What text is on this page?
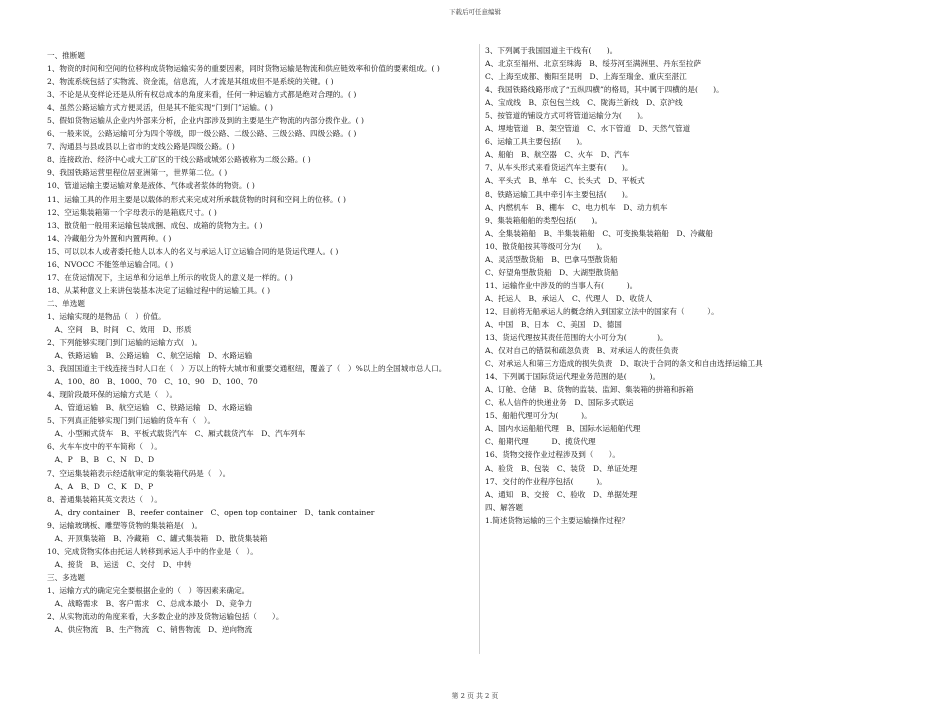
下载后可任意编辑
一、推断题
1、物资的时间和空间的位移构成货物运输实务的重要因素，同时货物运输是物流和供应链效率和价值的要素组成。( )
2、物流系统包括了实物流、资金流，信息流，人才流是其组成但不是系统的关键。( )
3、不论是从变样论还是从所有权总成本的角度来看，任何一种运输方式都是绝对合理的。( )
4、虽然公路运输方式方便灵活，但是其不能实现“门到门”运输。( )
5、假如货物运输从企业内外部来分析，企业内部涉及到的主要是生产物流的内部分拨作业。( )
6、一般来说，公路运输可分为四个等级，即一级公路、二级公路、三级公路、四级公路。( )
7、沟通县与县或县以上省市的支线公路是四级公路。( )
8、连接政治、经济中心或大工矿区的干线公路或城郊公路被称为二级公路。( )
9、我国铁路运营里程位居亚洲第一，世界第二位。( )
10、管道运输主要运输对象是液体、气体或者浆体的物资。( )
11、运输工具的作用主要是以载体的形式来完成对所承载货物的时间和空间上的位移。( )
12、空运集装箱第一个字母表示的是箱底尺寸。( )
13、散货船一般用来运输包装成捆、成包、成箱的货物为主。( )
14、冷藏船分为外置和内置两种。( )
15、可以以本人或者委托他人以本人的名义与承运人订立运输合同的是货运代理人。( )
16、NVOCC 不能签单运输合同。( )
17、在货运情况下，主运单和分运单上所示的收货人的意义是一样的。( )
18、从某种意义上来讲包装基本决定了运输过程中的运输工具。( )
二、单选题
1、运输实现的是物品（　）价值。
　A、空间　B、时间　C、效用　D、形质
2、下列能够实现门到门运输的运输方式(　)。
　A、铁路运输　B、公路运输　C、航空运输　D、水路运输
3、我国国道主干线连接当时人口在（　）万以上的特大城市和重要交通枢纽，覆盖了（　）%以上的全国城市总人口。
　A、100、80　B、1000、70　C、10、90　D、100、70
4、现阶段最环保的运输方式是（　）。
　A、管道运输　B、航空运输　C、铁路运输　D、水路运输
5、下列真正能够实现门到门运输的货车有（　）。
　A、小型厢式货车　B、平板式载货汽车　C、厢式载货汽车　D、汽车列车
6、火车车皮中的平车简称（　）。
　A、P　B、B　C、N　D、D
7、空运集装箱表示经适航审定的集装箱代码是（　）。
　A、A　B、D　C、K　D、P
8、普通集装箱其英文表达（　）。
　A、dry container　B、reefer container　C、open top container　D、tank container
9、运输玻璃板、雕塑等货物的集装箱是(　)。
　A、开顶集装箱　B、冷藏箱　C、罐式集装箱　D、散货集装箱
10、完成货物实体由托运人转移到承运人手中的作业是（　）。
　A、接货　B、运送　C、交付　D、中转
三、多选题
1、运输方式的确定完全要根据企业的（　）等因素来确定。
　A、战略需求　B、客户需求　C、总成本最小　D、竞争力
2、从实物流动的角度来看，大多数企业的涉及货物运输包括（　　）。
　A、供应物流　B、生产物流　C、销售物流　D、逆向物流
3、下列属于我国国道主干线有(　　)。
A、北京至福州、北京至珠海　B、绥芬河至满洲里、丹东至拉萨
C、上海至成都、衡阳至昆明　D、上海至瑞金、重庆至湛江
4、我国铁路线路形成了“五纵四横”的格局，其中属于四横的是(　　)。
A、宝成线　B、京包包兰线　C、陇海兰新线　D、京沪线
5、按管道的铺设方式可将管道运输分为(　　)。
A、埋地管道　B、架空管道　C、水下管道　D、天然气管道
6、运输工具主要包括(　　)。
A、船舶　B、航空器　C、火车　D、汽车
7、从车头形式来看货运汽车主要有(　　)。
A、平头式　B、单车　C、长头式　D、平板式
8、铁路运输工具中牵引车主要包括(　　)。
A、内燃机车　B、棚车　C、电力机车　D、动力机车
9、集装箱船舶的类型包括(　　)。
A、全集装箱船　B、半集装箱船　C、可变换集装箱船　D、冷藏船
10、散货船按其等级可分为(　　)。
A、灵活型散货船　B、巴拿马型散货船
C、好望角型散货船　D、大湖型散货船
11、运输作业中涉及的的当事人有(　　　)。
A、托运人　B、承运人　C、代理人　D、收货人
12、目前将无船承运人的概念纳入到国家立法中的国家有（　　　）。
A、中国　B、日本　C、美国　D、德国
13、货运代理按其责任范围的大小可分为(　　　　)。
A、仅对自己的错误和疏忽负责　B、对承运人的责任负责
C、对承运人和第三方造成的损失负责　D、取决于合同的条文和自由选择运输工具
14、下列属于国际货运代理业务范围的是(　　　)。
A、订舱、仓储　B、货物的监装、监卸、集装箱的拼箱和拆箱
C、私人信件的快递业务　D、国际多式联运
15、船舶代理可分为(　　　)。
A、国内水运船舶代理　B、国际水运船舶代理
C、船期代理　　　D、揽货代理
16、货物交接作业过程涉及到（　　）。
A、验货　B、包装　C、装货　D、单证处理
17、交付的作业程序包括(　　　)。
A、通知　B、交接　C、验收　D、单据处理
四、解答题
1.简述货物运输的三个主要运输操作过程？
第 2 页 共 2 页
